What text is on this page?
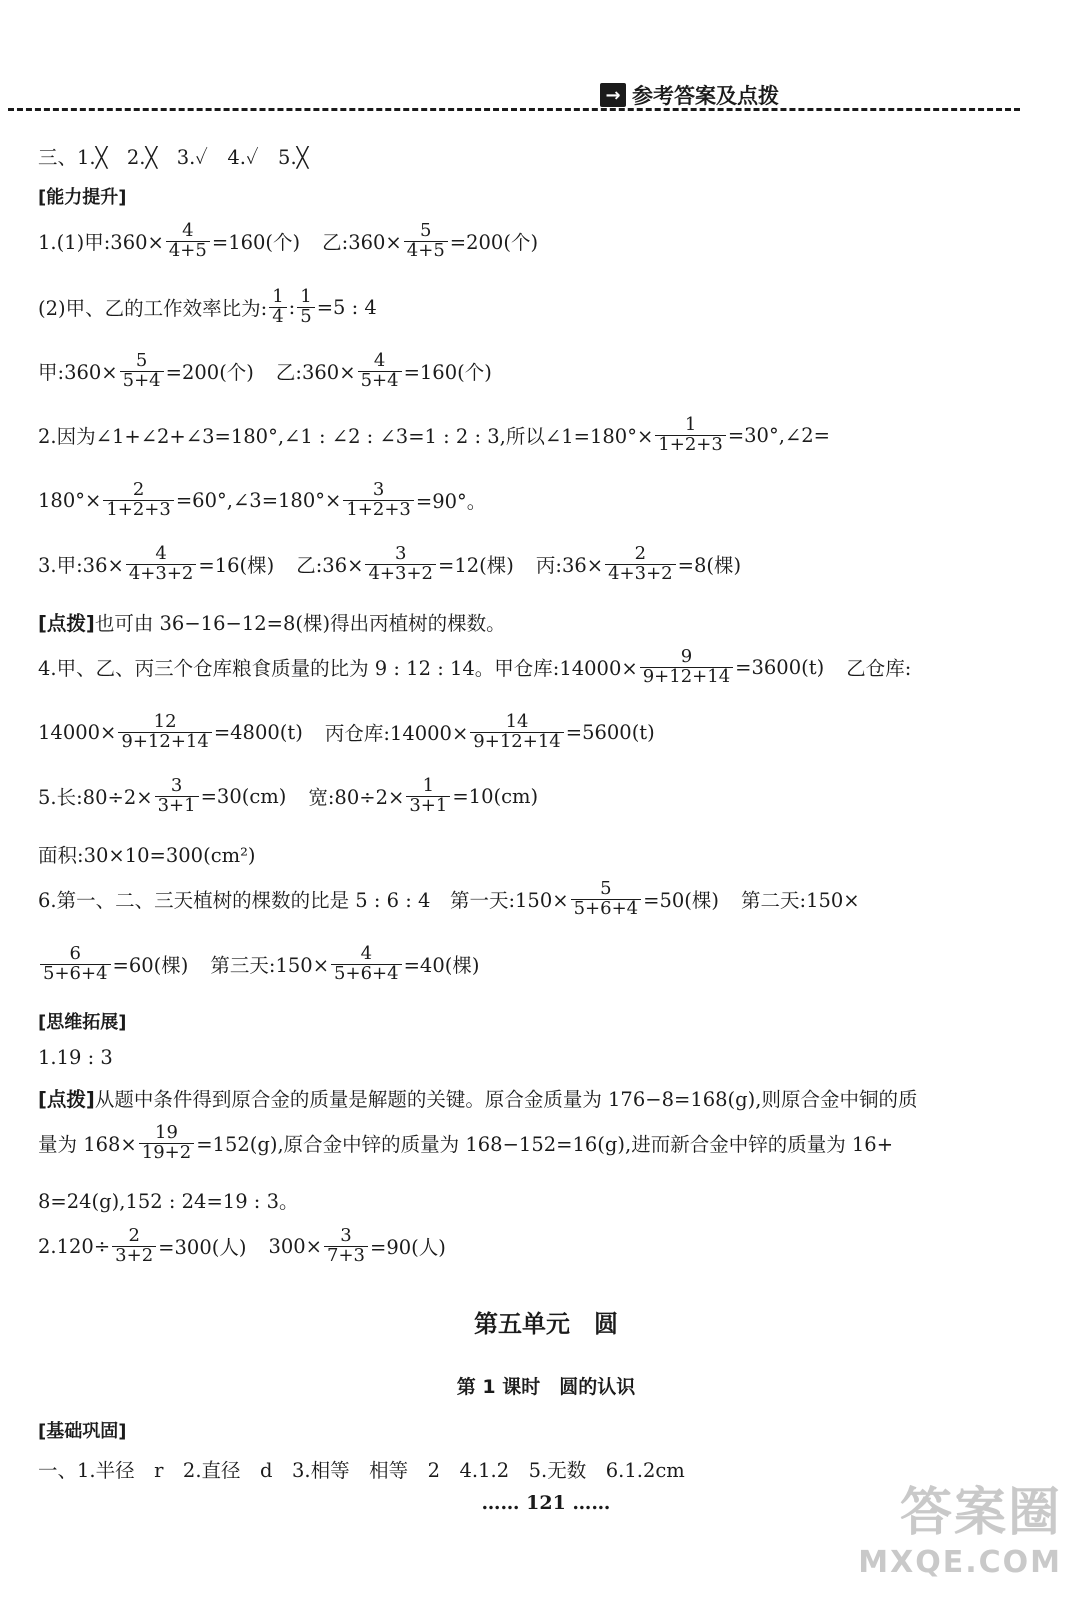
→ 参考答案及点拨
三、1.╳　2.╳　3.✓　4.✓　5.╳
[能力提升]
1.(1)甲:360× $\frac{4}{4+5} =160$(个) 乙:360× $\frac{5}{4+5} =200$(个)
(2)甲、乙的工作效率比为: $\frac{1}{4}$ : $\frac{1}{5} =5$ : 4
甲:360× $\frac{5}{5+4} =200$(个) 乙:360× $\frac{4}{5+4} =160$(个)
2.因为∠1+∠2+∠3=180°,∠1 : ∠2 : ∠3=1 : 2 : 3,所以∠1=180°× $\frac{1}{1+2+3}$ =30°,∠2=
$180^\circ\times \frac{2}{1+2+3}$ =60°,∠3=180°× $\frac{3}{1+2+3} =90^\circ$。
3.甲:36× $\frac{4}{4+3+2} =16$(棵) 乙:36× $\frac{3}{4+3+2} =12$(棵) 丙:36× $\frac{2}{4+3+2} =8$(棵)
[点拨] 也可由 36−16−12=8(棵)得出丙植树的棵数。
4.甲、乙、丙三个仓库粮食质量的比为 9 : 12 : 14。甲仓库:14000× $\frac{9}{9+12+14} =3600(t)$ 乙仓库:
$14000\times \frac{12}{9+12+14} =4800(t)$ 丙仓库:14000× $\frac{14}{9+12+14} =5600(t)$
5.长:80÷2× $\frac{3}{3+1} =30(cm)$ 宽:80÷2× $\frac{1}{3+1} =10(cm)$
面积:30×10=300(cm²)
6.第一、二、三天植树的棵数的比是 5 : 6 : 4　第一天:150× $\frac{5}{5+6+4} =50$(棵) 第二天:150×
$\frac{6}{5+6+4} =60$(棵) 第三天:150× $\frac{4}{5+6+4} =40$(棵)
[思维拓展]
1.19 : 3
[点拨] 从题中条件得到原合金的质量是解题的关键。原合金质量为 176−8=168(g),则原合金中铜的质
量为 $168\times \frac{19}{19+2} =152(g)$,原合金中锌的质量为 168−152=16(g),进而新合金中锌的质量为 16+
8=24(g),152 : 24=19 : 3。
$2.120\div \frac{2}{3+2} =300$(人) $300\times \frac{3}{7+3} =90$(人)
第五单元　圆
第 1 课时　圆的认识
[基础巩固]
一、1.半径　r　2.直径　d　3.相等　相等　2　4.1.2　5.无数　6.1.2cm
…… 121 ……	答案圈
MXQE.COM
